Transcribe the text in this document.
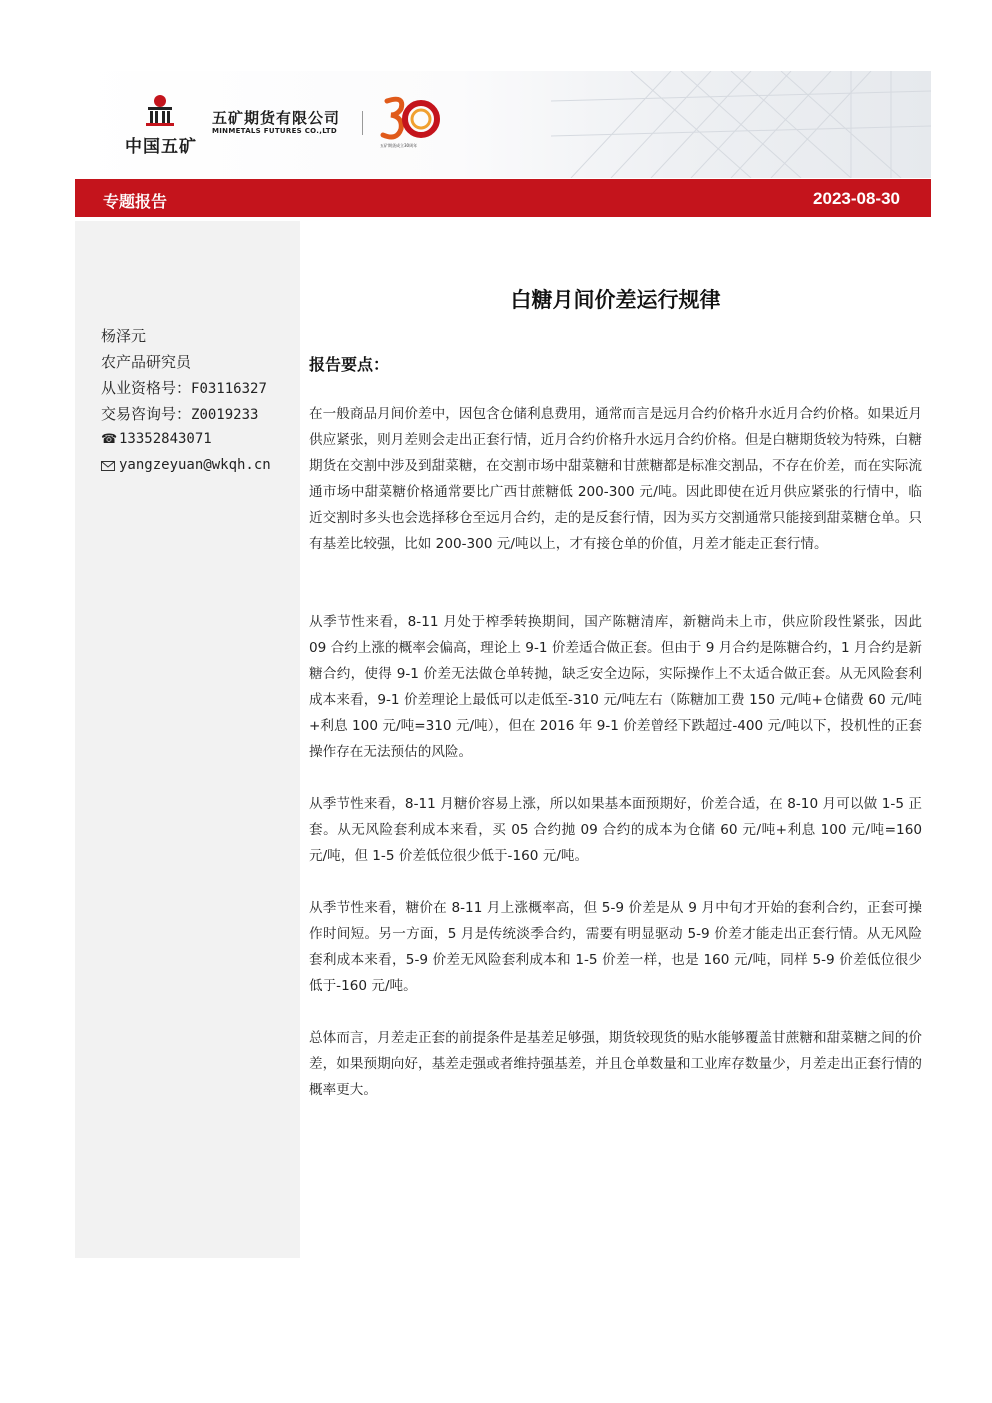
中国五矿
五矿期货有限公司
MINMETALS FUTURES CO.,LTD
五矿期货成立30周年
专题报告	2023-08-30
杨泽元
农产品研究员
从业资格号：F03116327
交易咨询号：Z0019233
☎ 13352843071
yangzeyuan@wkqh.cn
白糖月间价差运行规律
报告要点：

在一般商品月间价差中，因包含仓储利息费用，通常而言是远月合约价格升水近月合约价格。如果近月供应紧张，则月差则会走出正套行情，近月合约价格升水远月合约价格。但是白糖期货较为特殊，白糖期货在交割中涉及到甜菜糖，在交割市场中甜菜糖和甘蔗糖都是标准交割品，不存在价差，而在实际流通市场中甜菜糖价格通常要比广西甘蔗糖低 200-300 元/吨。因此即使在近月供应紧张的行情中，临近交割时多头也会选择移仓至远月合约，走的是反套行情，因为买方交割通常只能接到甜菜糖仓单。只有基差比较强，比如 200-300 元/吨以上，才有接仓单的价值，月差才能走正套行情。

从季节性来看，8-11 月处于榨季转换期间，国产陈糖清库，新糖尚未上市，供应阶段性紧张，因此 09 合约上涨的概率会偏高，理论上 9-1 价差适合做正套。但由于 9 月合约是陈糖合约，1 月合约是新糖合约，使得 9-1 价差无法做仓单转抛，缺乏安全边际，实际操作上不太适合做正套。从无风险套利成本来看，9-1 价差理论上最低可以走低至-310 元/吨左右（陈糖加工费 150 元/吨+仓储费 60 元/吨+利息 100 元/吨=310 元/吨），但在 2016 年 9-1 价差曾经下跌超过-400 元/吨以下，投机性的正套操作存在无法预估的风险。

从季节性来看，8-11 月糖价容易上涨，所以如果基本面预期好，价差合适，在 8-10 月可以做 1-5 正套。从无风险套利成本来看，买 05 合约抛 09 合约的成本为仓储 60 元/吨+利息 100 元/吨=160 元/吨，但 1-5 价差低位很少低于-160 元/吨。

从季节性来看，糖价在 8-11 月上涨概率高，但 5-9 价差是从 9 月中旬才开始的套利合约，正套可操作时间短。另一方面，5 月是传统淡季合约，需要有明显驱动 5-9 价差才能走出正套行情。从无风险套利成本来看，5-9 价差无风险套利成本和 1-5 价差一样，也是 160 元/吨，同样 5-9 价差低位很少低于-160 元/吨。

总体而言，月差走正套的前提条件是基差足够强，期货较现货的贴水能够覆盖甘蔗糖和甜菜糖之间的价差，如果预期向好，基差走强或者维持强基差，并且仓单数量和工业库存数量少，月差走出正套行情的概率更大。
